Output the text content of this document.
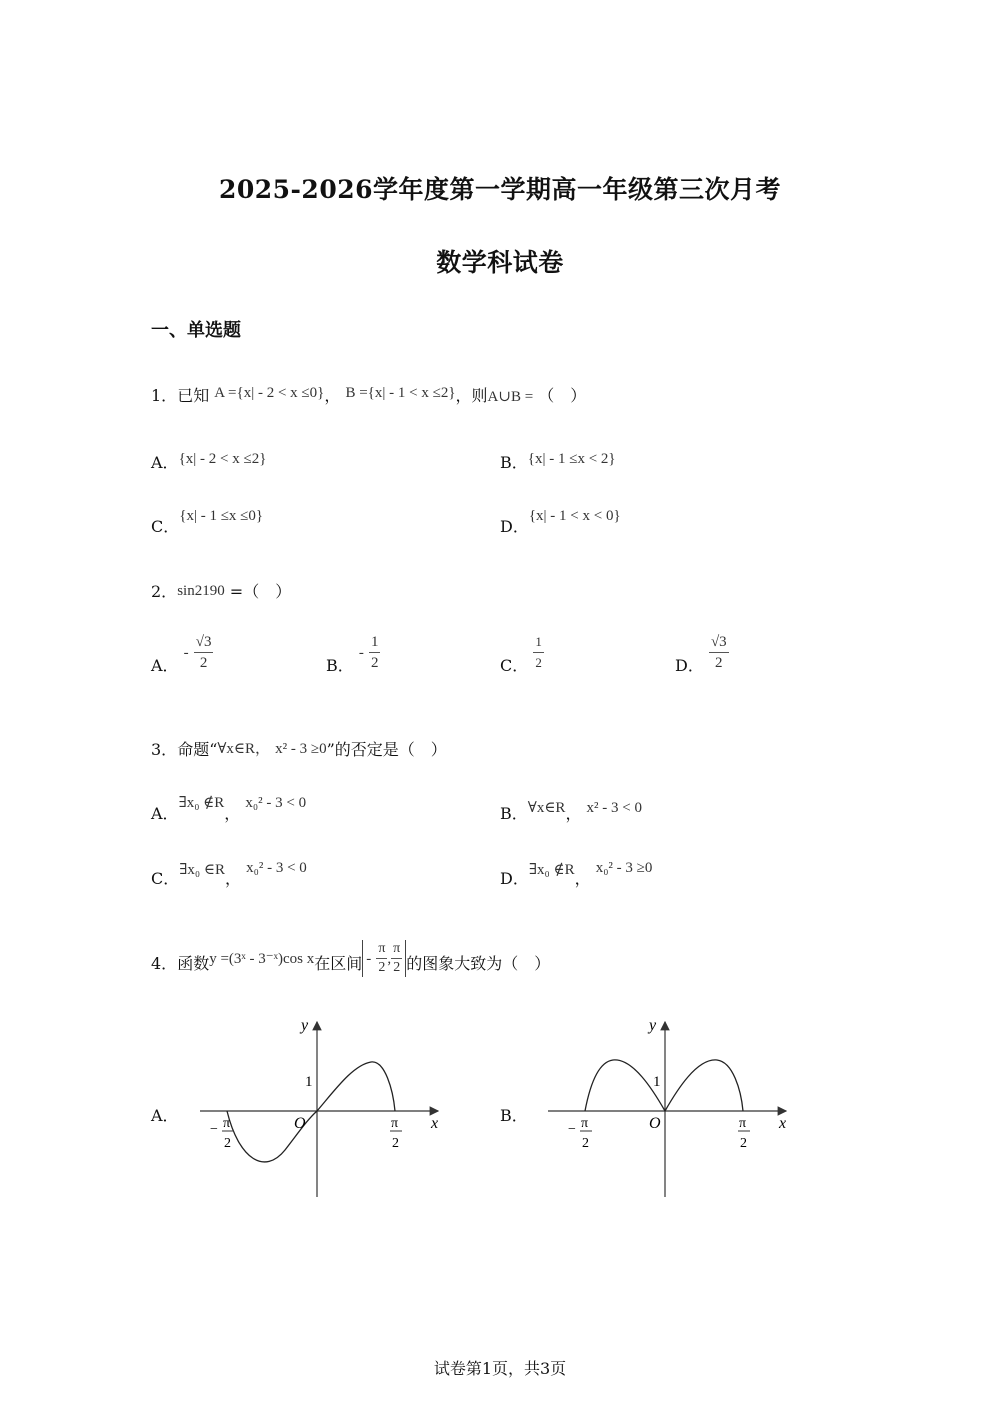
2025-2026学年度第一学期高一年级第三次月考
数学科试卷
一、单选题
1．已知 A ={x| - 2 < x ≤0}， B ={x| - 1 < x ≤2}，则A∪B = （　）
A．{x| - 2 < x ≤2}	B．{x| - 1 ≤x < 2}
C．{x| - 1 ≤x ≤0}
D．{x| - 1 < x < 0}
2．sin2190 =（　）
A． - $\frac{√3}{2}$	B． - $\frac{1}{2}$	C． $\frac{1}{2}$	D． $\frac{√3}{2}$
3．命题“∀x∈R， x² - 3 ≥0”的否定是（　）
A．∃x₀ ∉R， x₀² - 3 < 0
B．∀x∈R， x² - 3 < 0
C．∃x₀ ∈R， x₀² - 3 < 0
D．∃x₀ ∉R， x₀² - 3 ≥0
4．函数y =(3ˣ - 3⁻ˣ)cos x在区间 - $\frac{\pi}{2}$ , $\frac{\pi}{2}$ 的图象大致为（　）
A．	B．
y
x
1
O
− π
2
π
2
y
x
1
O
− π
2
π
2
试卷第1页，共3页
